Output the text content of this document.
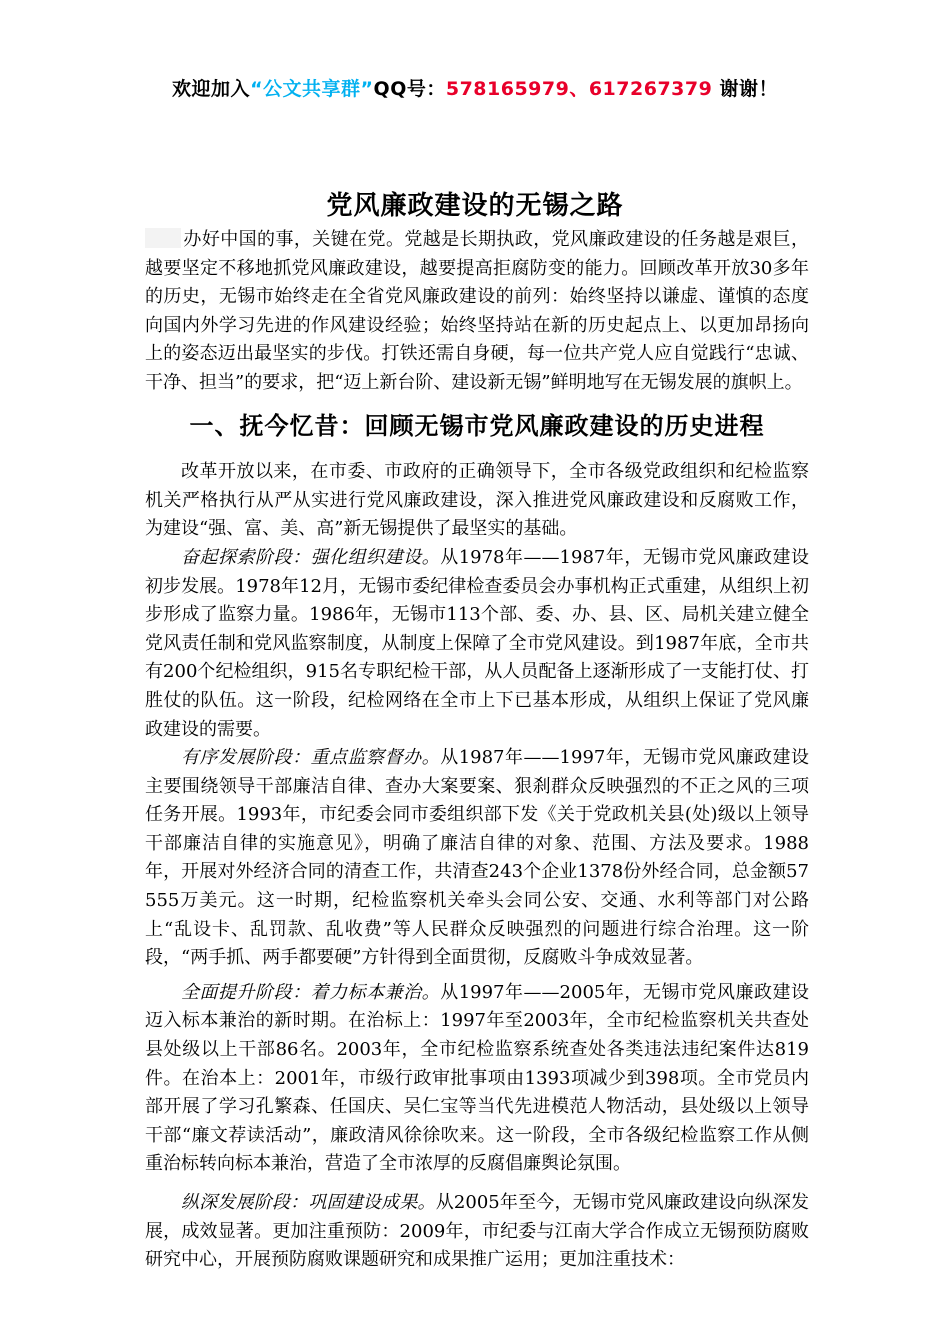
欢迎加入“公文共享群”QQ号：578165979、617267379 谢谢！
党风廉政建设的无锡之路

办好中国的事，关键在党。党越是长期执政，党风廉政建设的任务越是艰巨，越要坚定不移地抓党风廉政建设，越要提高拒腐防变的能力。回顾改革开放30多年的历史，无锡市始终走在全省党风廉政建设的前列：始终坚持以谦虚、谨慎的态度向国内外学习先进的作风建设经验；始终坚持站在新的历史起点上、以更加昂扬向上的姿态迈出最坚实的步伐。打铁还需自身硬，每一位共产党人应自觉践行“忠诚、干净、担当”的要求，把“迈上新台阶、建设新无锡”鲜明地写在无锡发展的旗帜上。

一、抚今忆昔：回顾无锡市党风廉政建设的历史进程

改革开放以来，在市委、市政府的正确领导下，全市各级党政组织和纪检监察机关严格执行从严从实进行党风廉政建设，深入推进党风廉政建设和反腐败工作，为建设“强、富、美、高”新无锡提供了最坚实的基础。

奋起探索阶段：强化组织建设。从1978年——1987年，无锡市党风廉政建设初步发展。1978年12月，无锡市委纪律检查委员会办事机构正式重建，从组织上初步形成了监察力量。1986年，无锡市113个部、委、办、县、区、局机关建立健全党风责任制和党风监察制度，从制度上保障了全市党风建设。到1987年底，全市共有200个纪检组织，915名专职纪检干部，从人员配备上逐渐形成了一支能打仗、打胜仗的队伍。这一阶段，纪检网络在全市上下已基本形成，从组织上保证了党风廉政建设的需要。

有序发展阶段：重点监察督办。从1987年——1997年，无锡市党风廉政建设主要围绕领导干部廉洁自律、查办大案要案、狠刹群众反映强烈的不正之风的三项任务开展。1993年，市纪委会同市委组织部下发《关于党政机关县(处)级以上领导干部廉洁自律的实施意见》，明确了廉洁自律的对象、范围、方法及要求。1988年，开展对外经济合同的清查工作，共清查243个企业1378份外经合同，总金额57555万美元。这一时期，纪检监察机关牵头会同公安、交通、水利等部门对公路上“乱设卡、乱罚款、乱收费”等人民群众反映强烈的问题进行综合治理。这一阶段，“两手抓、两手都要硬”方针得到全面贯彻，反腐败斗争成效显著。

全面提升阶段：着力标本兼治。从1997年——2005年，无锡市党风廉政建设迈入标本兼治的新时期。在治标上：1997年至2003年，全市纪检监察机关共查处县处级以上干部86名。2003年，全市纪检监察系统查处各类违法违纪案件达819件。在治本上：2001年，市级行政审批事项由1393项减少到398项。全市党员内部开展了学习孔繁森、任国庆、吴仁宝等当代先进模范人物活动，县处级以上领导干部“廉文荐读活动”，廉政清风徐徐吹来。这一阶段，全市各级纪检监察工作从侧重治标转向标本兼治，营造了全市浓厚的反腐倡廉舆论氛围。

纵深发展阶段：巩固建设成果。从2005年至今，无锡市党风廉政建设向纵深发展，成效显著。更加注重预防：2009年，市纪委与江南大学合作成立无锡预防腐败研究中心，开展预防腐败课题研究和成果推广运用；更加注重技术：
